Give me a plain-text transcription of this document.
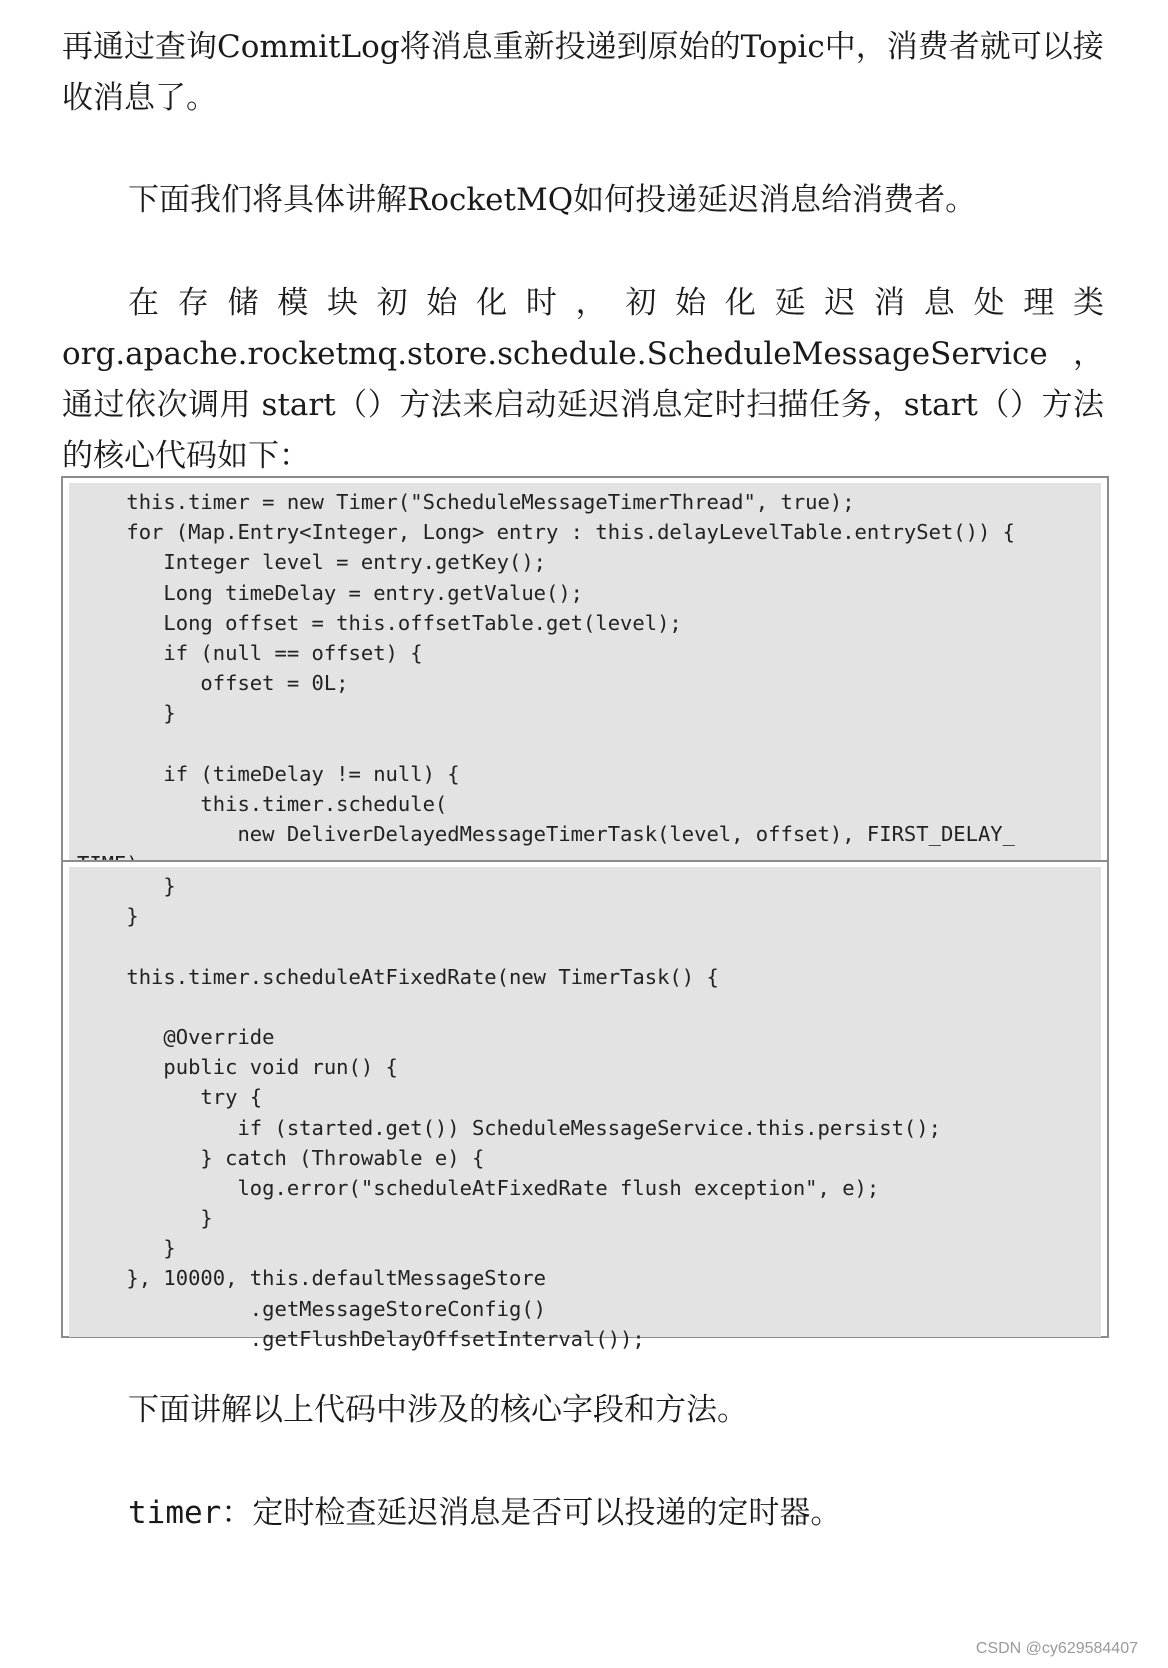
再通过查询CommitLog将消息重新投递到原始的Topic中，消费者就可以接收消息了。

下面我们将具体讲解RocketMQ如何投递延迟消息给消费者。

在存储模块初始化时，初始化延迟消息处理类org.apache.rocketmq.store.schedule.ScheduleMessageService，通过依次调用 start（）方法来启动延迟消息定时扫描任务，start（）方法的核心代码如下：

this.timer = new Timer("ScheduleMessageTimerThread", true);
for (Map.Entry<Integer, Long> entry : this.delayLevelTable.entrySet()) {
Integer level = entry.getKey();
Long timeDelay = entry.getValue();
Long offset = this.offsetTable.get(level);
if (null == offset) {
offset = 0L;
}
if (timeDelay != null) {
this.timer.schedule(
new DeliverDelayedMessageTimerTask(level, offset), FIRST_DELAY_
}
}
this.timer.scheduleAtFixedRate(new TimerTask() {
@Override
public void run() {
try {
if (started.get()) ScheduleMessageService.this.persist();
} catch (Throwable e) {
log.error("scheduleAtFixedRate flush exception", e);
}
}
}, 10000, this.defaultMessageStore
.getMessageStoreConfig()
.getFlushDelayOffsetInterval());

下面讲解以上代码中涉及的核心字段和方法。

timer：定时检查延迟消息是否可以投递的定时器。

CSDN @cy629584407
